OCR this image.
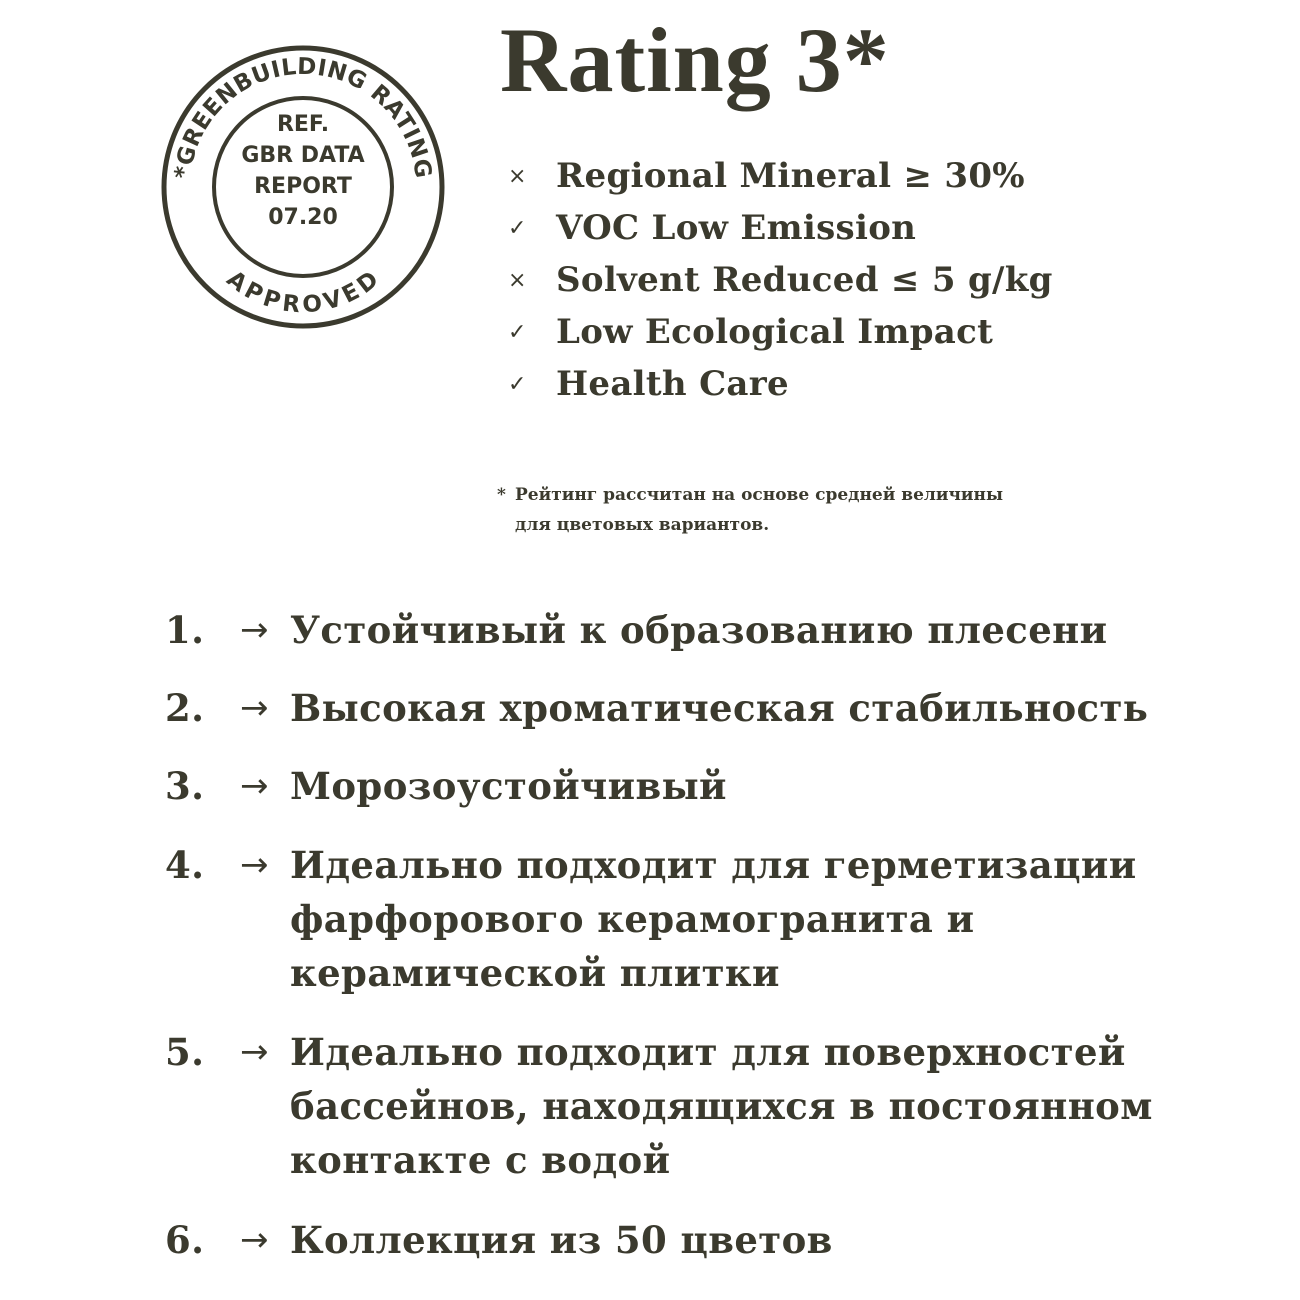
*GREENBUILDING RATING
APPROVED
REF.
GBR DATA
REPORT
07.20
Rating 3*
× Regional Mineral ≥ 30%
✓ VOC Low Emission
× Solvent Reduced ≤ 5 g/kg
✓ Low Ecological Impact
✓ Health Care

* Рейтинг рассчитан на основе средней величины
для цветовых вариантов.

1.	→ Устойчивый к образованию плесени
2.	→ Высокая хроматическая стабильность
3.	→ Морозоустойчивый
4.	→ Идеально подходит для герметизации
фарфорового керамогранита и
керамической плитки
5.	→ Идеально подходит для поверхностей
бассейнов, находящихся в постоянном
контакте с водой
6.	→ Коллекция из 50 цветов
